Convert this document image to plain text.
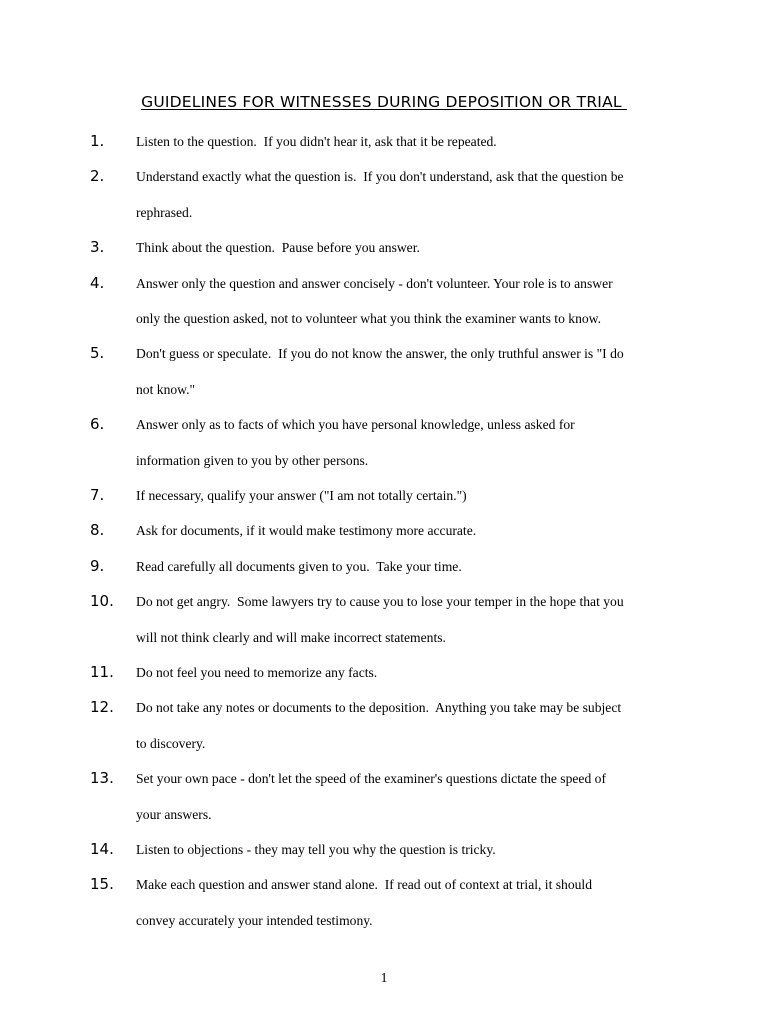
GUIDELINES FOR WITNESSES DURING DEPOSITION OR TRIAL
1. Listen to the question.  If you didn't hear it, ask that it be repeated.
2. Understand exactly what the question is.  If you don't understand, ask that the question be
rephrased.
3. Think about the question.  Pause before you answer.
4. Answer only the question and answer concisely - don't volunteer. Your role is to answer
only the question asked, not to volunteer what you think the examiner wants to know.
5. Don't guess or speculate.  If you do not know the answer, the only truthful answer is "I do
not know."
6. Answer only as to facts of which you have personal knowledge, unless asked for
information given to you by other persons.
7. If necessary, qualify your answer ("I am not totally certain.")
8. Ask for documents, if it would make testimony more accurate.
9. Read carefully all documents given to you.  Take your time.
10. Do not get angry.  Some lawyers try to cause you to lose your temper in the hope that you
will not think clearly and will make incorrect statements.
11. Do not feel you need to memorize any facts.
12. Do not take any notes or documents to the deposition.  Anything you take may be subject
to discovery.
13. Set your own pace - don't let the speed of the examiner's questions dictate the speed of
your answers.
14. Listen to objections - they may tell you why the question is tricky.
15. Make each question and answer stand alone.  If read out of context at trial, it should
convey accurately your intended testimony.
1
